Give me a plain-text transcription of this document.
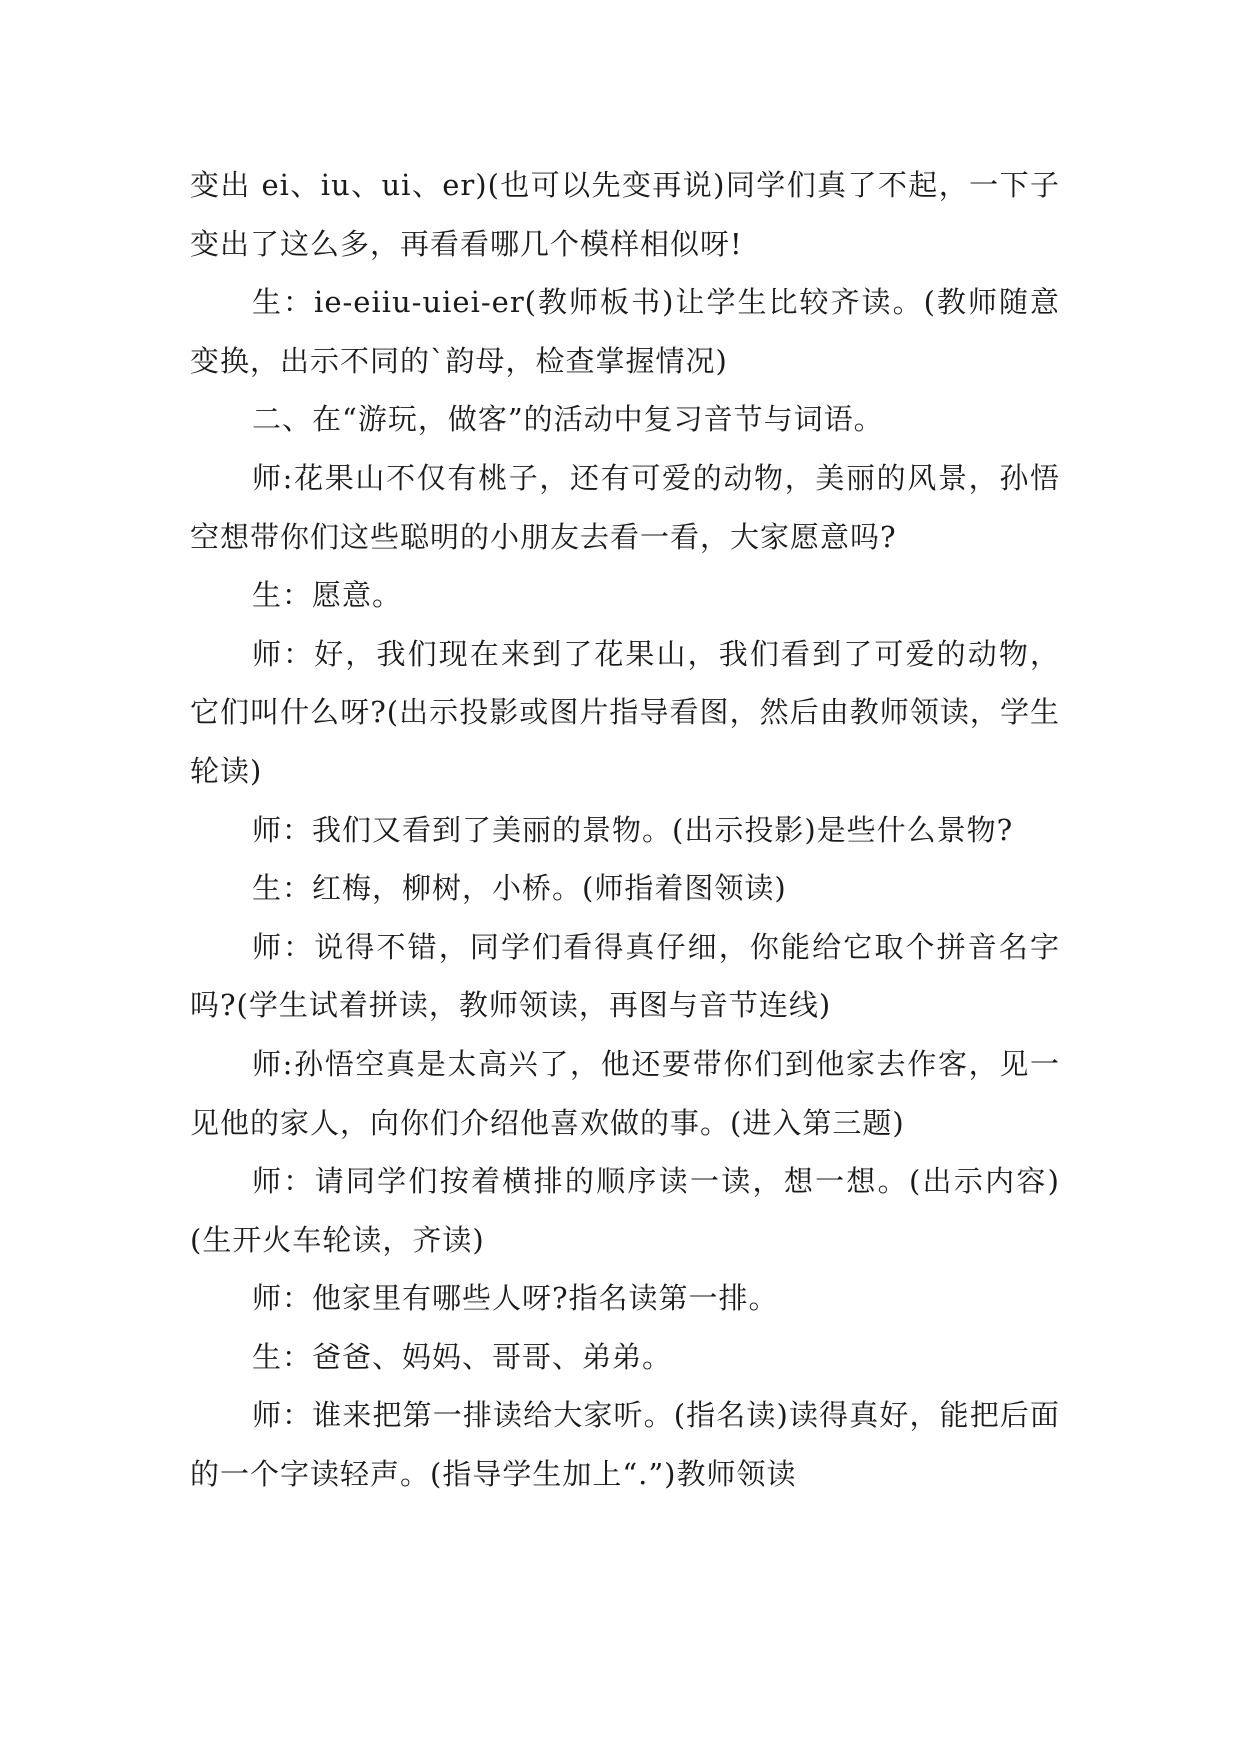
变出 ei、iu、ui、er)(也可以先变再说)同学们真了不起，一下子变出了这么多，再看看哪几个模样相似呀!

生：ie-eiiu-uiei-er(教师板书)让学生比较齐读。(教师随意变换，出示不同的`韵母，检查掌握情况)

二、在“游玩，做客”的活动中复习音节与词语。

师:花果山不仅有桃子，还有可爱的动物，美丽的风景，孙悟空想带你们这些聪明的小朋友去看一看，大家愿意吗?

生：愿意。

师：好，我们现在来到了花果山，我们看到了可爱的动物，它们叫什么呀?(出示投影或图片指导看图，然后由教师领读，学生轮读)

师：我们又看到了美丽的景物。(出示投影)是些什么景物?

生：红梅，柳树，小桥。(师指着图领读)

师：说得不错，同学们看得真仔细，你能给它取个拼音名字吗?(学生试着拼读，教师领读，再图与音节连线)

师:孙悟空真是太高兴了，他还要带你们到他家去作客，见一见他的家人，向你们介绍他喜欢做的事。(进入第三题)

师：请同学们按着横排的顺序读一读，想一想。(出示内容)(生开火车轮读，齐读)

师：他家里有哪些人呀?指名读第一排。

生：爸爸、妈妈、哥哥、弟弟。

师：谁来把第一排读给大家听。(指名读)读得真好，能把后面的一个字读轻声。(指导学生加上“.”)教师领读
